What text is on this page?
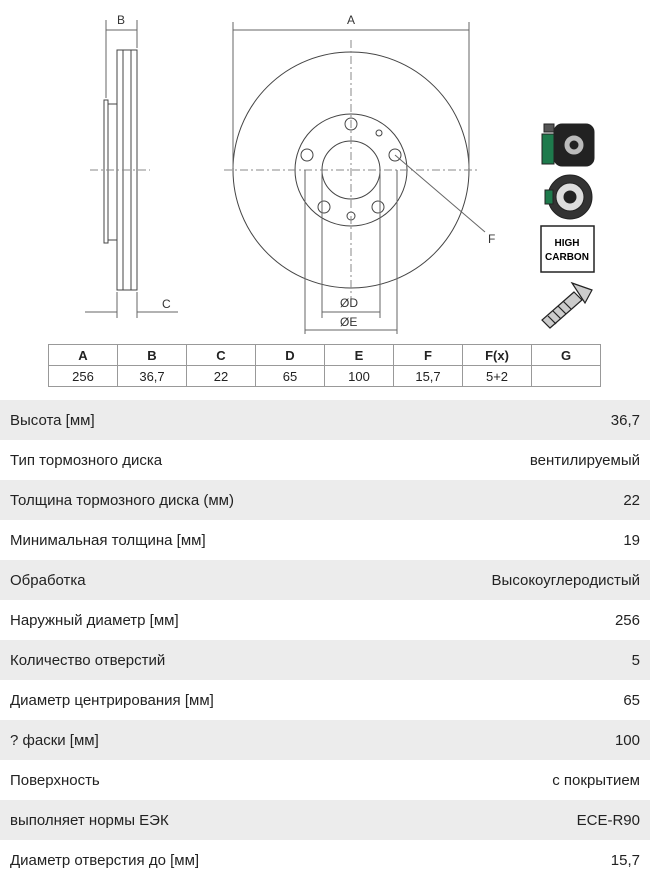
B
C
A
ØD
ØE
F	HIGH
CARBON
A	B	C	D	E	F	F(x)	G
256	36,7	22	65	100	15,7	5+2	
Высота [мм]	36,7
Тип тормозного диска	вентилируемый
Толщина тормозного диска (мм)	22
Минимальная толщина [мм]	19
Обработка	Высокоуглеродистый
Наружный диаметр [мм]	256
Количество отверстий	5
Диаметр центрирования [мм]	65
? фаски [мм]	100
Поверхность	с покрытием
выполняет нормы ЕЭК	ECE-R90
Диаметр отверстия до [мм]	15,7
